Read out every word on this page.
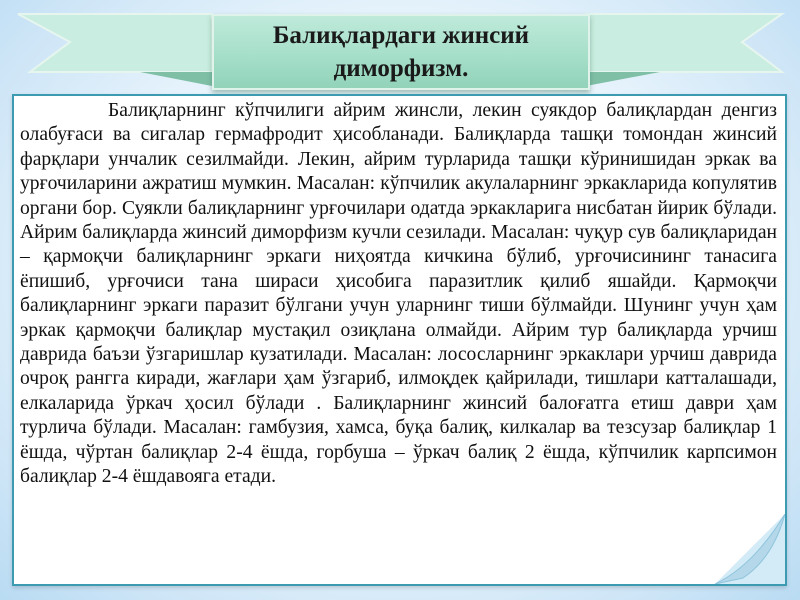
Балиқлардаги жинсий диморфизм.

Балиқларнинг кўпчилиги айрим жинсли, лекин суякдор балиқлардан денгиз олабуғаси ва сигалар гермафродит ҳисобланади. Балиқларда ташқи томондан жинсий фарқлари унчалик сезилмайди. Лекин, айрим турларида ташқи кўринишидан эркак ва урғочиларини ажратиш мумкин. Масалан: кўпчилик акулаларнинг эркакларида копулятив органи бор. Суякли балиқларнинг урғочилари одатда эркакларига нисбатан йирик бўлади. Айрим балиқларда жинсий диморфизм кучли сезилади. Масалан: чуқур сув балиқларидан – қармоқчи балиқларнинг эркаги ниҳоятда кичкина бўлиб, урғочисининг танасига ёпишиб, урғочиси тана шираси ҳисобига паразитлик қилиб яшайди. Қармоқчи балиқларнинг эркаги паразит бўлгани учун уларнинг тиши бўлмайди. Шунинг учун ҳам эркак қармоқчи балиқлар мустақил озиқлана олмайди. Айрим тур балиқларда урчиш даврида баъзи ўзгаришлар кузатилади. Масалан: лососларнинг эркаклари урчиш даврида очроқ рангга киради, жағлари ҳам ўзгариб, илмоқдек қайрилади, тишлари катталашади, елкаларида ўркач ҳосил бўлади . Балиқларнинг жинсий балоғатга етиш даври ҳам турлича бўлади. Масалан: гамбузия, хамса, буқа балиқ, килкалар ва тезсузар балиқлар 1 ёшда, чўртан балиқлар 2-4 ёшда, горбуша – ўркач балиқ 2 ёшда, кўпчилик карпсимон балиқлар 2-4 ёшдавояга етади.
